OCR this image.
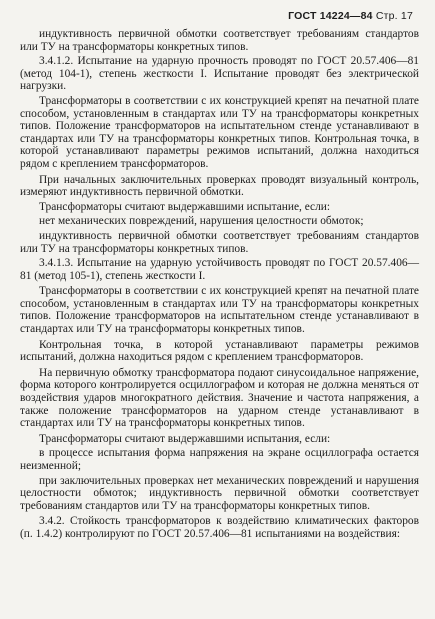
ГОСТ 14224—84 Стр. 17

индуктивность первичной обмотки соответствует требованиям стандартов или ТУ на трансформаторы конкретных типов.

3.4.1.2. Испытание на ударную прочность проводят по ГОСТ 20.57.406—81 (метод 104-1), степень жесткости I. Испытание проводят без электрической нагрузки.

Трансформаторы в соответствии с их конструкцией крепят на печатной плате способом, установленным в стандартах или ТУ на трансформаторы конкретных типов. Положение трансформаторов на испытательном стенде устанавливают в стандартах или ТУ на трансформаторы конкретных типов. Контрольная точка, в которой устанавливают параметры режимов испытаний, должна находиться рядом с креплением трансформаторов.

При начальных заключительных проверках проводят визуальный контроль, измеряют индуктивность первичной обмотки.

Трансформаторы считают выдержавшими испытание, если:

нет механических повреждений, нарушения целостности обмоток;

индуктивность первичной обмотки соответствует требованиям стандартов или ТУ на трансформаторы конкретных типов.

3.4.1.3. Испытание на ударную устойчивость проводят по ГОСТ 20.57.406—81 (метод 105-1), степень жесткости I.

Трансформаторы в соответствии с их конструкцией крепят на печатной плате способом, установленным в стандартах или ТУ на трансформаторы конкретных типов. Положение трансформаторов на испытательном стенде устанавливают в стандартах или ТУ на трансформаторы конкретных типов.

Контрольная точка, в которой устанавливают параметры режимов испытаний, должна находиться рядом с креплением трансформаторов.

На первичную обмотку трансформатора подают синусоидальное напряжение, форма которого контролируется осциллографом и которая не должна меняться от воздействия ударов многократного действия. Значение и частота напряжения, а также положение трансформаторов на ударном стенде устанавливают в стандартах или ТУ на трансформаторы конкретных типов.

Трансформаторы считают выдержавшими испытания, если:

в процессе испытания форма напряжения на экране осциллографа остается неизменной;

при заключительных проверках нет механических повреждений и нарушения целостности обмоток; индуктивность первичной обмотки соответствует требованиям стандартов или ТУ на трансформаторы конкретных типов.

3.4.2. Стойкость трансформаторов к воздействию климатических факторов (п. 1.4.2) контролируют по ГОСТ 20.57.406—81 испытаниями на воздействия:
